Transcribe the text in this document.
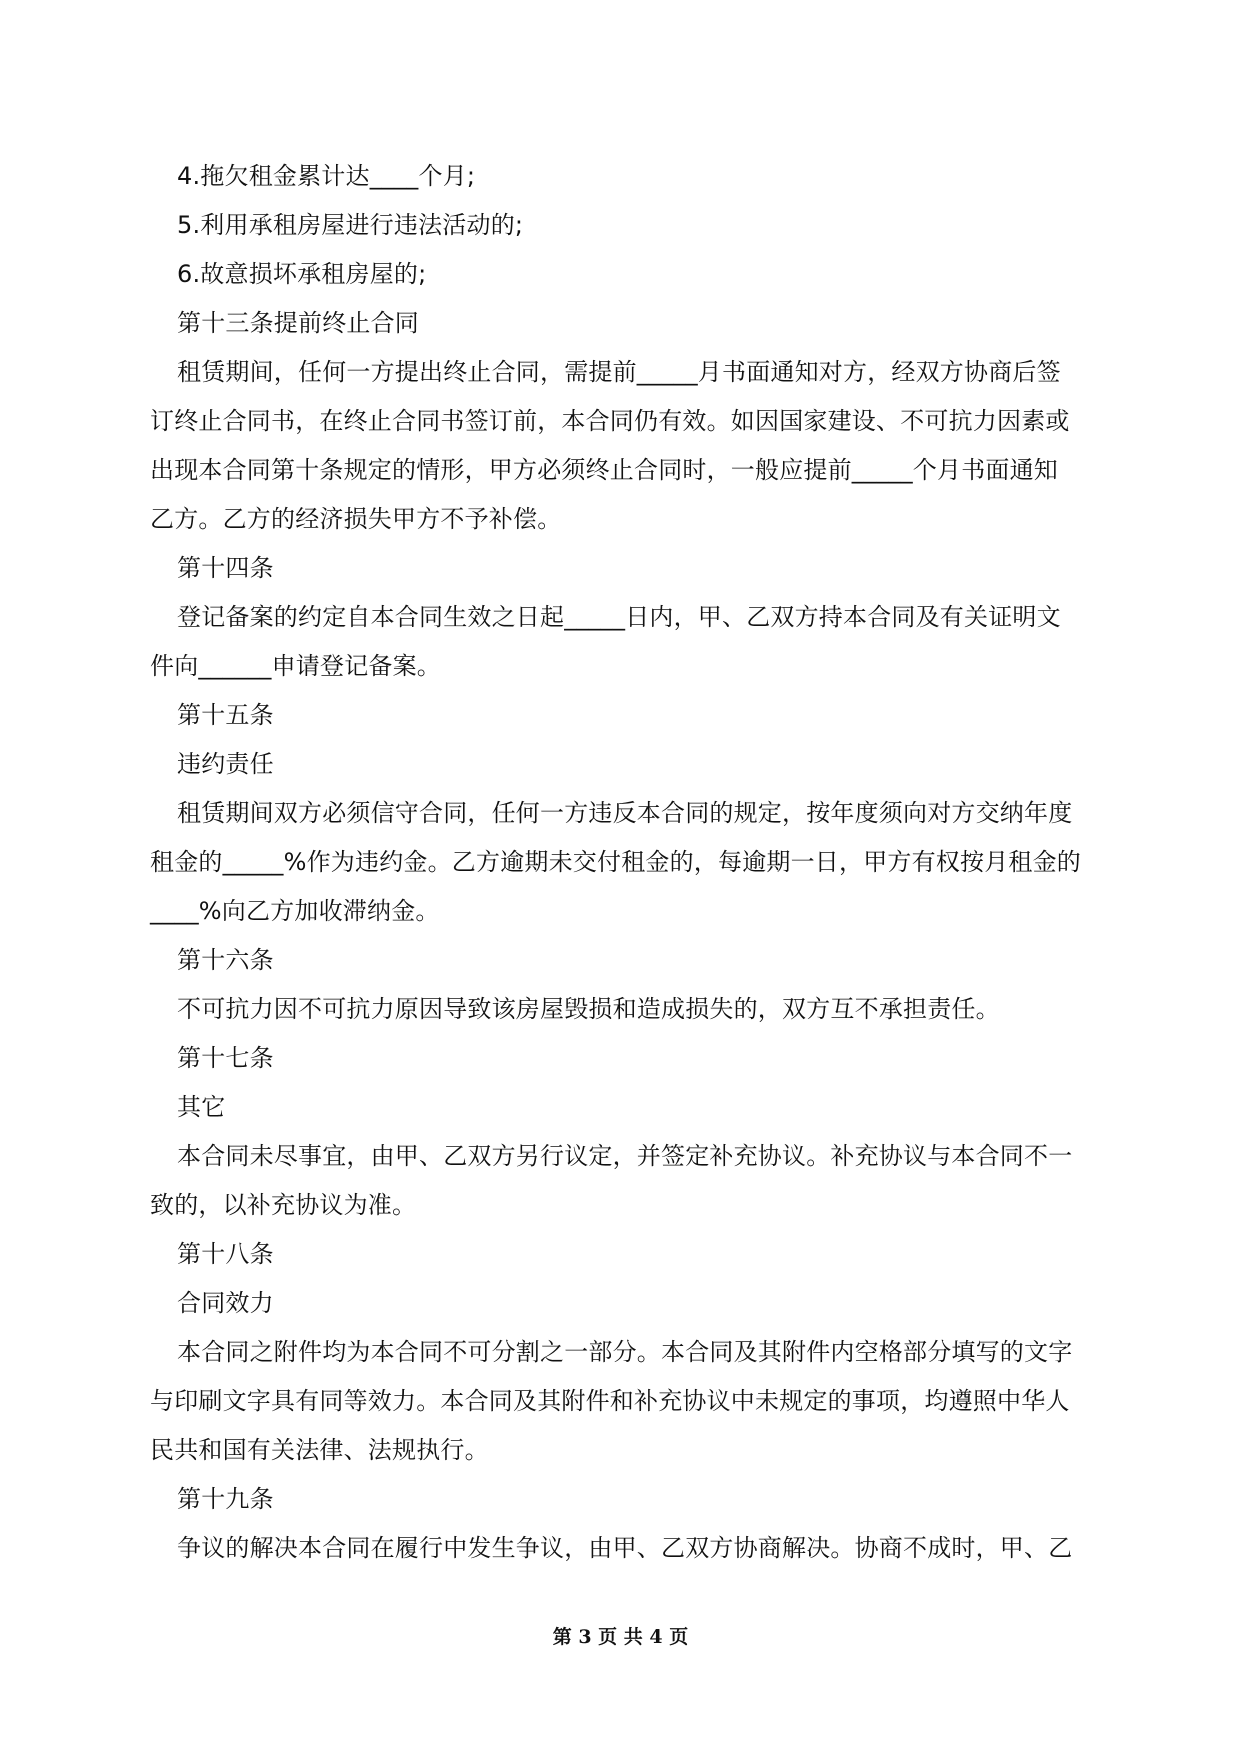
4.拖欠租金累计达____个月;
5.利用承租房屋进行违法活动的;
6.故意损坏承租房屋的;
第十三条提前终止合同
租赁期间，任何一方提出终止合同，需提前_____月书面通知对方，经双方协商后签
订终止合同书，在终止合同书签订前，本合同仍有效。如因国家建设、不可抗力因素或
出现本合同第十条规定的情形，甲方必须终止合同时，一般应提前_____个月书面通知
乙方。乙方的经济损失甲方不予补偿。
第十四条
登记备案的约定自本合同生效之日起_____日内，甲、乙双方持本合同及有关证明文
件向______申请登记备案。
第十五条
违约责任
租赁期间双方必须信守合同，任何一方违反本合同的规定，按年度须向对方交纳年度
租金的_____%作为违约金。乙方逾期未交付租金的，每逾期一日，甲方有权按月租金的
____%向乙方加收滞纳金。
第十六条
不可抗力因不可抗力原因导致该房屋毁损和造成损失的，双方互不承担责任。
第十七条
其它
本合同未尽事宜，由甲、乙双方另行议定，并签定补充协议。补充协议与本合同不一
致的，以补充协议为准。
第十八条
合同效力
本合同之附件均为本合同不可分割之一部分。本合同及其附件内空格部分填写的文字
与印刷文字具有同等效力。本合同及其附件和补充协议中未规定的事项，均遵照中华人
民共和国有关法律、法规执行。
第十九条
争议的解决本合同在履行中发生争议，由甲、乙双方协商解决。协商不成时，甲、乙
第 3 页 共 4 页
